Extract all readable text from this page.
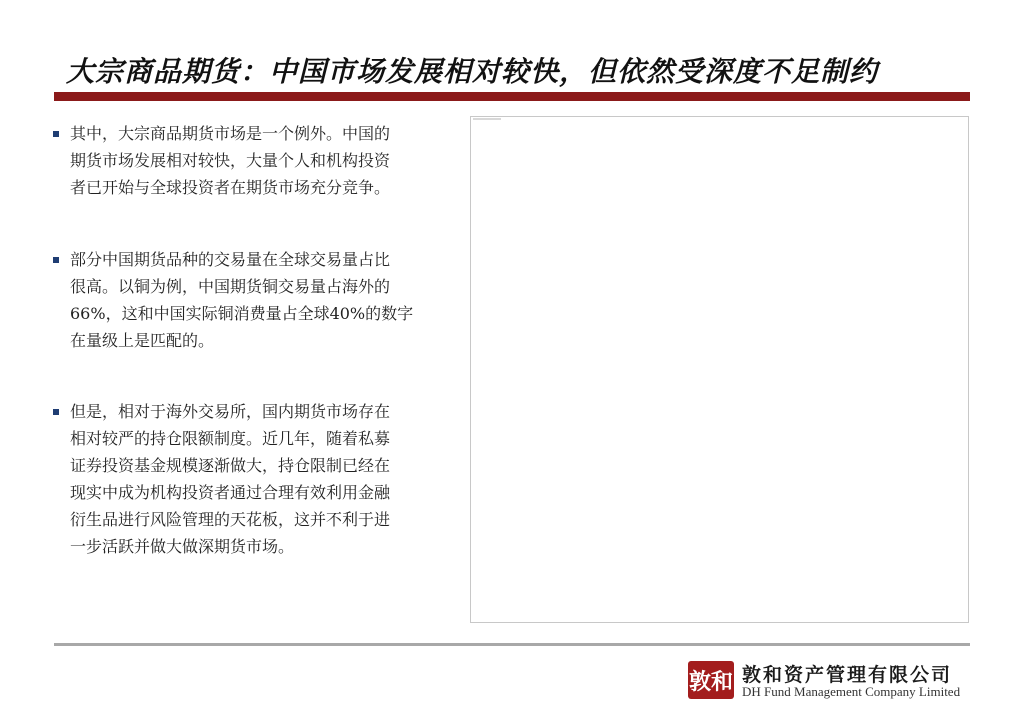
大宗商品期货：中国市场发展相对较快，但依然受深度不足制约
其中，大宗商品期货市场是一个例外。中国的
期货市场发展相对较快，大量个人和机构投资
者已开始与全球投资者在期货市场充分竞争。
部分中国期货品种的交易量在全球交易量占比
很高。以铜为例，中国期货铜交易量占海外的
66%，这和中国实际铜消费量占全球40%的数字
在量级上是匹配的。
但是，相对于海外交易所，国内期货市场存在
相对较严的持仓限额制度。近几年，随着私募
证券投资基金规模逐渐做大，持仓限制已经在
现实中成为机构投资者通过合理有效利用金融
衍生品进行风险管理的天花板，这并不利于进
一步活跃并做大做深期货市场。
敦和 敦和资产管理有限公司
DH Fund Management Company Limited
